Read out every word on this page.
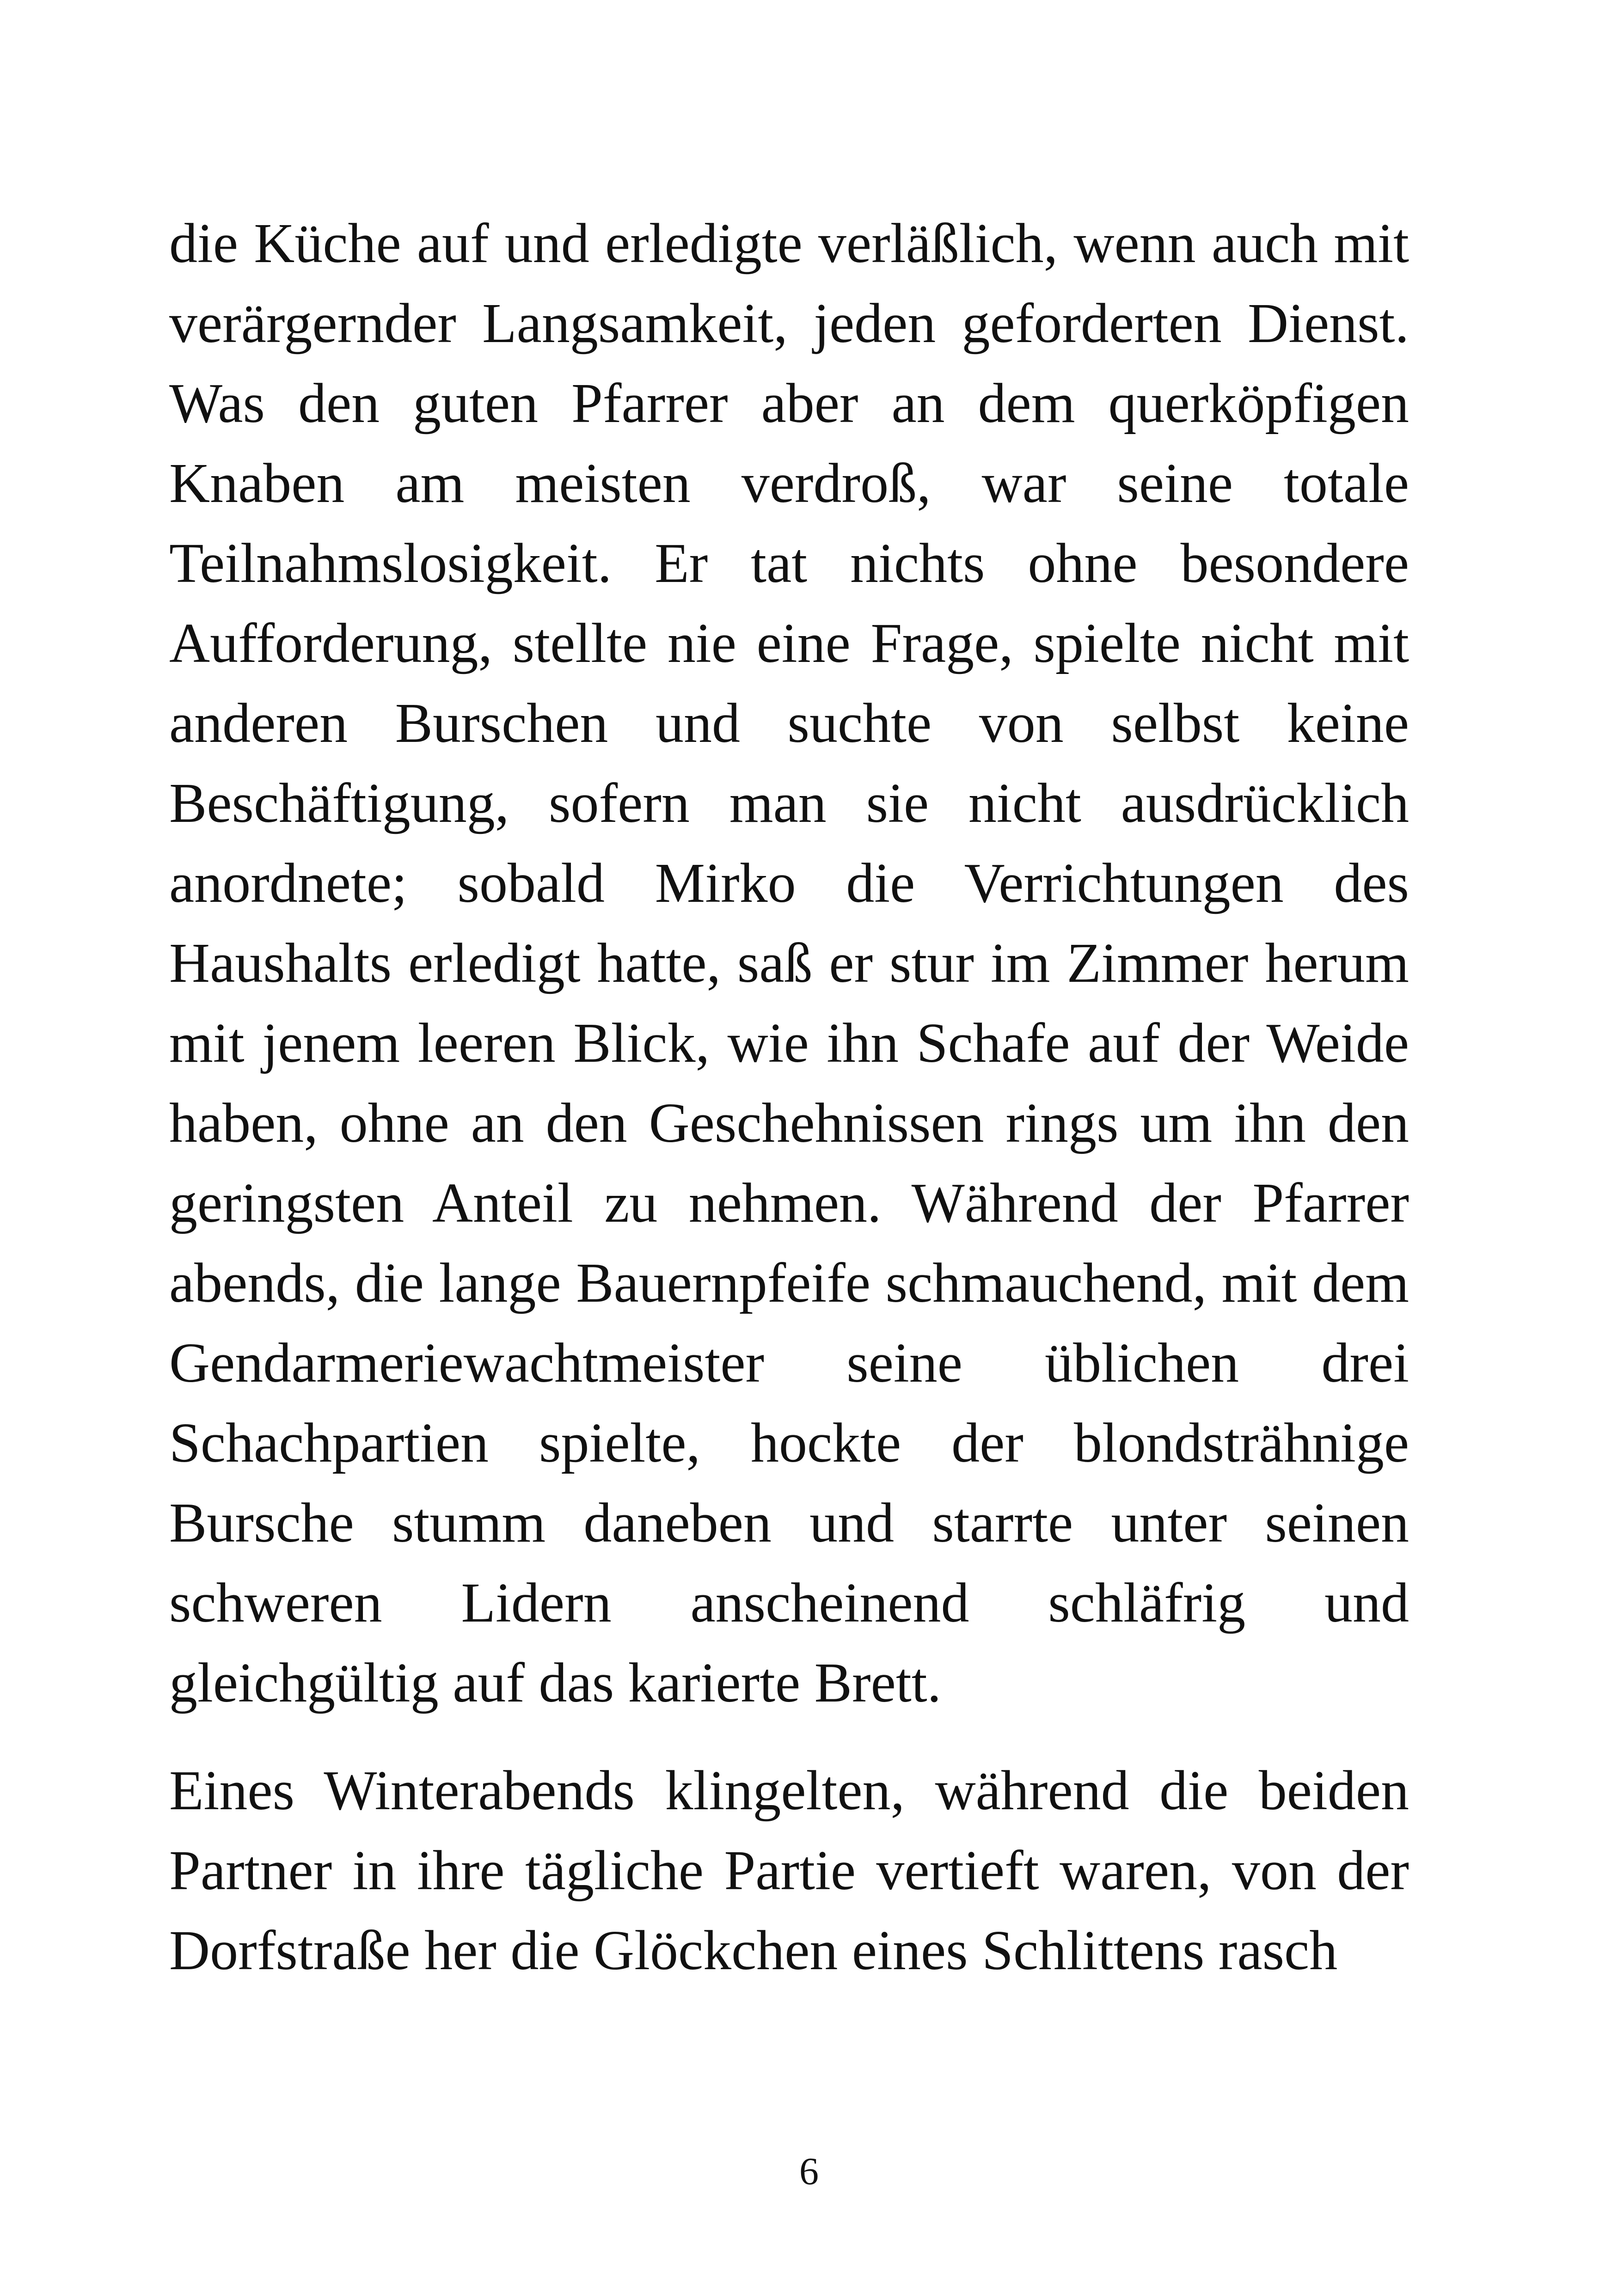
die Küche auf und erledigte verläßlich, wenn auch mit verärgernder Langsamkeit, jeden geforderten Dienst. Was den guten Pfarrer aber an dem querköpfigen Knaben am meisten verdroß, war seine totale Teilnahmslosigkeit. Er tat nichts ohne besondere Aufforderung, stellte nie eine Frage, spielte nicht mit anderen Burschen und suchte von selbst keine Beschäftigung, sofern man sie nicht ausdrücklich anordnete; sobald Mirko die Verrichtungen des Haushalts erledigt hatte, saß er stur im Zimmer herum mit jenem leeren Blick, wie ihn Schafe auf der Weide haben, ohne an den Geschehnissen rings um ihn den geringsten Anteil zu nehmen. Während der Pfarrer abends, die lange Bauernpfeife schmauchend, mit dem Gendarmeriewachtmeister seine üblichen drei Schachpartien spielte, hockte der blondsträhnige Bursche stumm daneben und starrte unter seinen schweren Lidern anscheinend schläfrig und gleichgültig auf das karierte Brett.

Eines Winterabends klingelten, während die beiden Partner in ihre tägliche Partie vertieft waren, von der Dorfstraße her die Glöckchen eines Schlittens rasch

6
